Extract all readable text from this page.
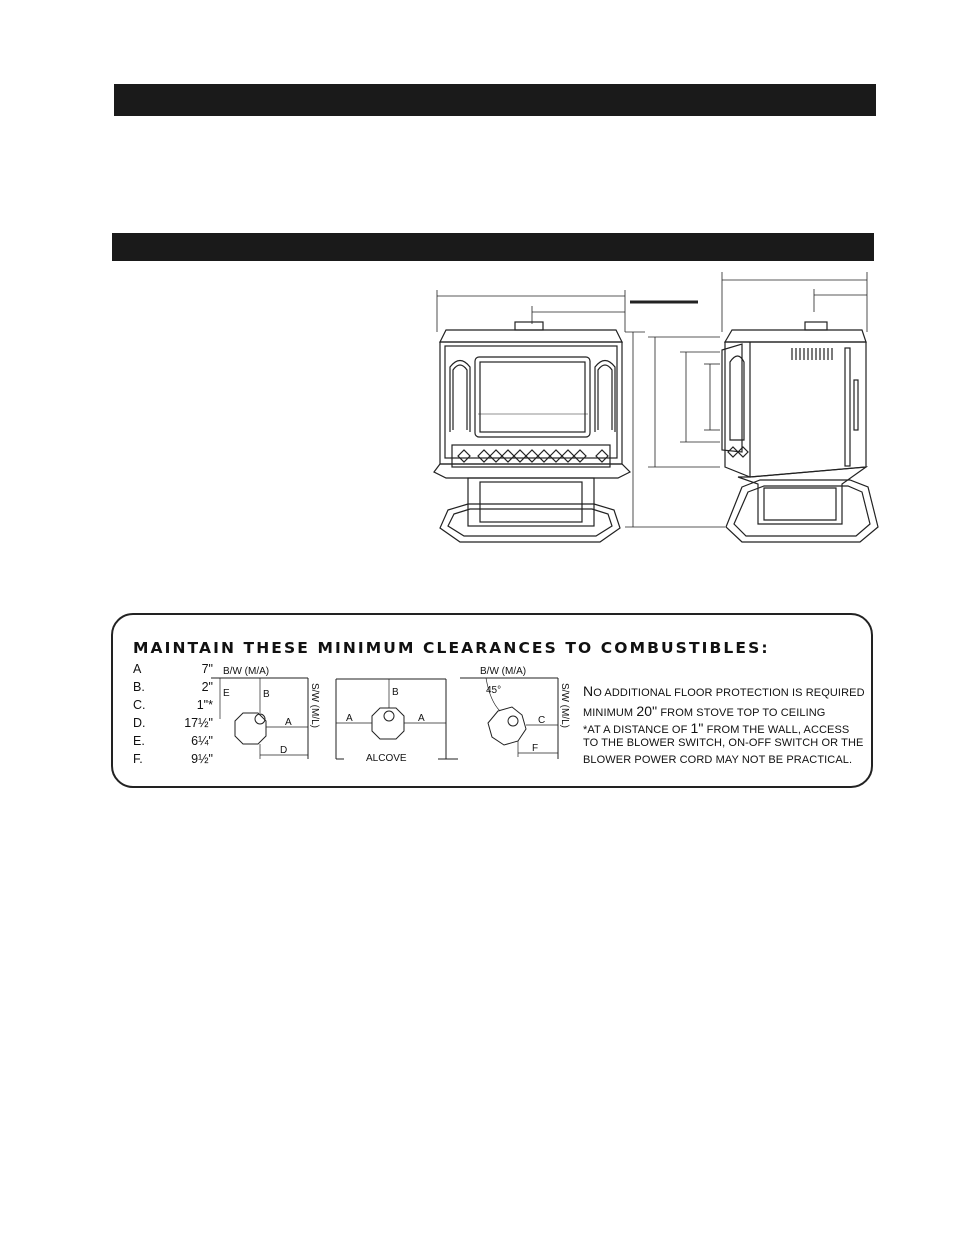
MAINTAIN THESE MINIMUM CLEARANCES TO COMBUSTIBLES:
A	7"
B.	2"
C.	1"*
D.	17½"
E.	6¼"
F.	9½"
B/W (M/A)
E	B
A
D
S/W (M/L)	B
A	A
ALCOVE
B/W (M/A)
45°
C
F
S/W (M/L) NO ADDITIONAL FLOOR PROTECTION IS REQUIRED
MINIMUM 20" FROM STOVE TOP TO CEILING
*AT A DISTANCE OF 1" FROM THE WALL, ACCESS
TO THE BLOWER SWITCH, ON-OFF SWITCH OR THE
BLOWER POWER CORD MAY NOT BE PRACTICAL.
